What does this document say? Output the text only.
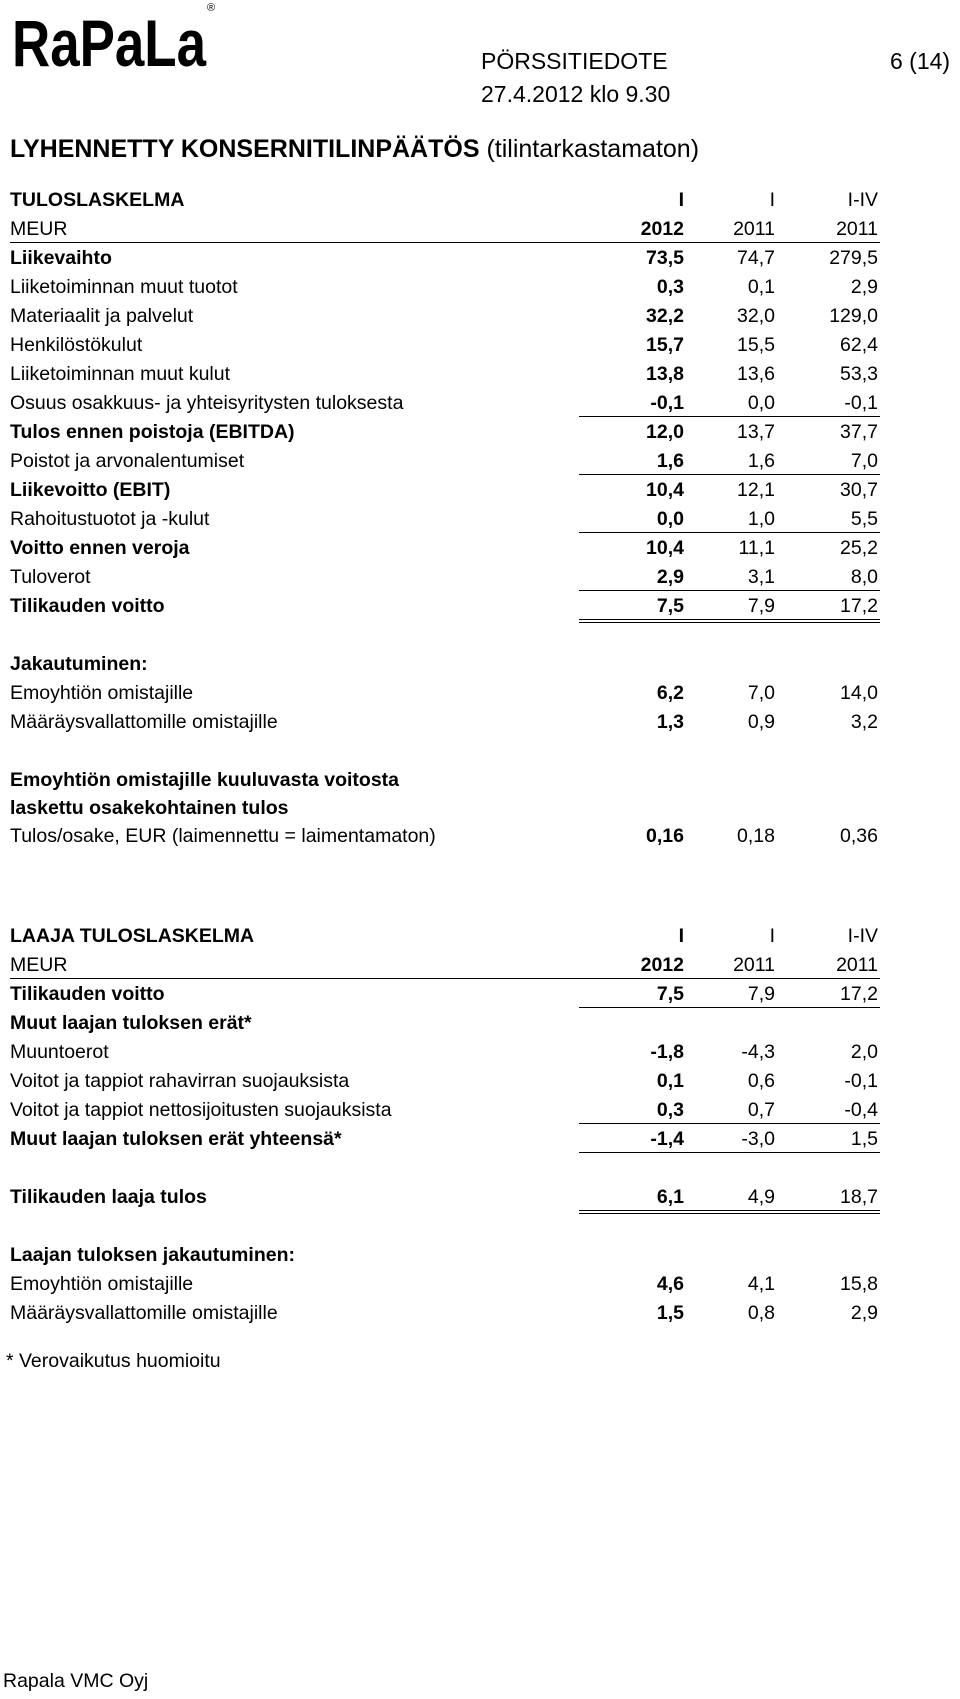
RaPaLa ®
PÖRSSITIEDOTE
27.4.2012 klo 9.30
6 (14)
LYHENNETTY KONSERNITILINPÄÄTÖS (tilintarkastamaton)
TULOSLASKELMA	I	I	I-IV
MEUR	2012	2011	2011
Liikevaihto	73,5	74,7	279,5
Liiketoiminnan muut tuotot	0,3	0,1	2,9
Materiaalit ja palvelut	32,2	32,0	129,0
Henkilöstökulut	15,7	15,5	62,4
Liiketoiminnan muut kulut	13,8	13,6	53,3
Osuus osakkuus- ja yhteisyritysten tuloksesta	-0,1	0,0	-0,1
Tulos ennen poistoja (EBITDA)	12,0	13,7	37,7
Poistot ja arvonalentumiset	1,6	1,6	7,0
Liikevoitto (EBIT)	10,4	12,1	30,7
Rahoitustuotot ja -kulut	0,0	1,0	5,5
Voitto ennen veroja	10,4	11,1	25,2
Tuloverot	2,9	3,1	8,0
Tilikauden voitto	7,5	7,9	17,2
Jakautuminen:
Emoyhtiön omistajille	6,2	7,0	14,0
Määräysvallattomille omistajille	1,3	0,9	3,2
Emoyhtiön omistajille kuuluvasta voitosta
laskettu osakekohtainen tulos
Tulos/osake, EUR (laimennettu = laimentamaton)	0,16	0,18	0,36
LAAJA TULOSLASKELMA	I	I	I-IV
MEUR	2012	2011	2011
Tilikauden voitto	7,5	7,9	17,2
Muut laajan tuloksen erät*
Muuntoerot	-1,8	-4,3	2,0
Voitot ja tappiot rahavirran suojauksista	0,1	0,6	-0,1
Voitot ja tappiot nettosijoitusten suojauksista	0,3	0,7	-0,4
Muut laajan tuloksen erät yhteensä*	-1,4	-3,0	1,5
Tilikauden laaja tulos	6,1	4,9	18,7
Laajan tuloksen jakautuminen:
Emoyhtiön omistajille	4,6	4,1	15,8
Määräysvallattomille omistajille	1,5	0,8	2,9
* Verovaikutus huomioitu
Rapala VMC Oyj
